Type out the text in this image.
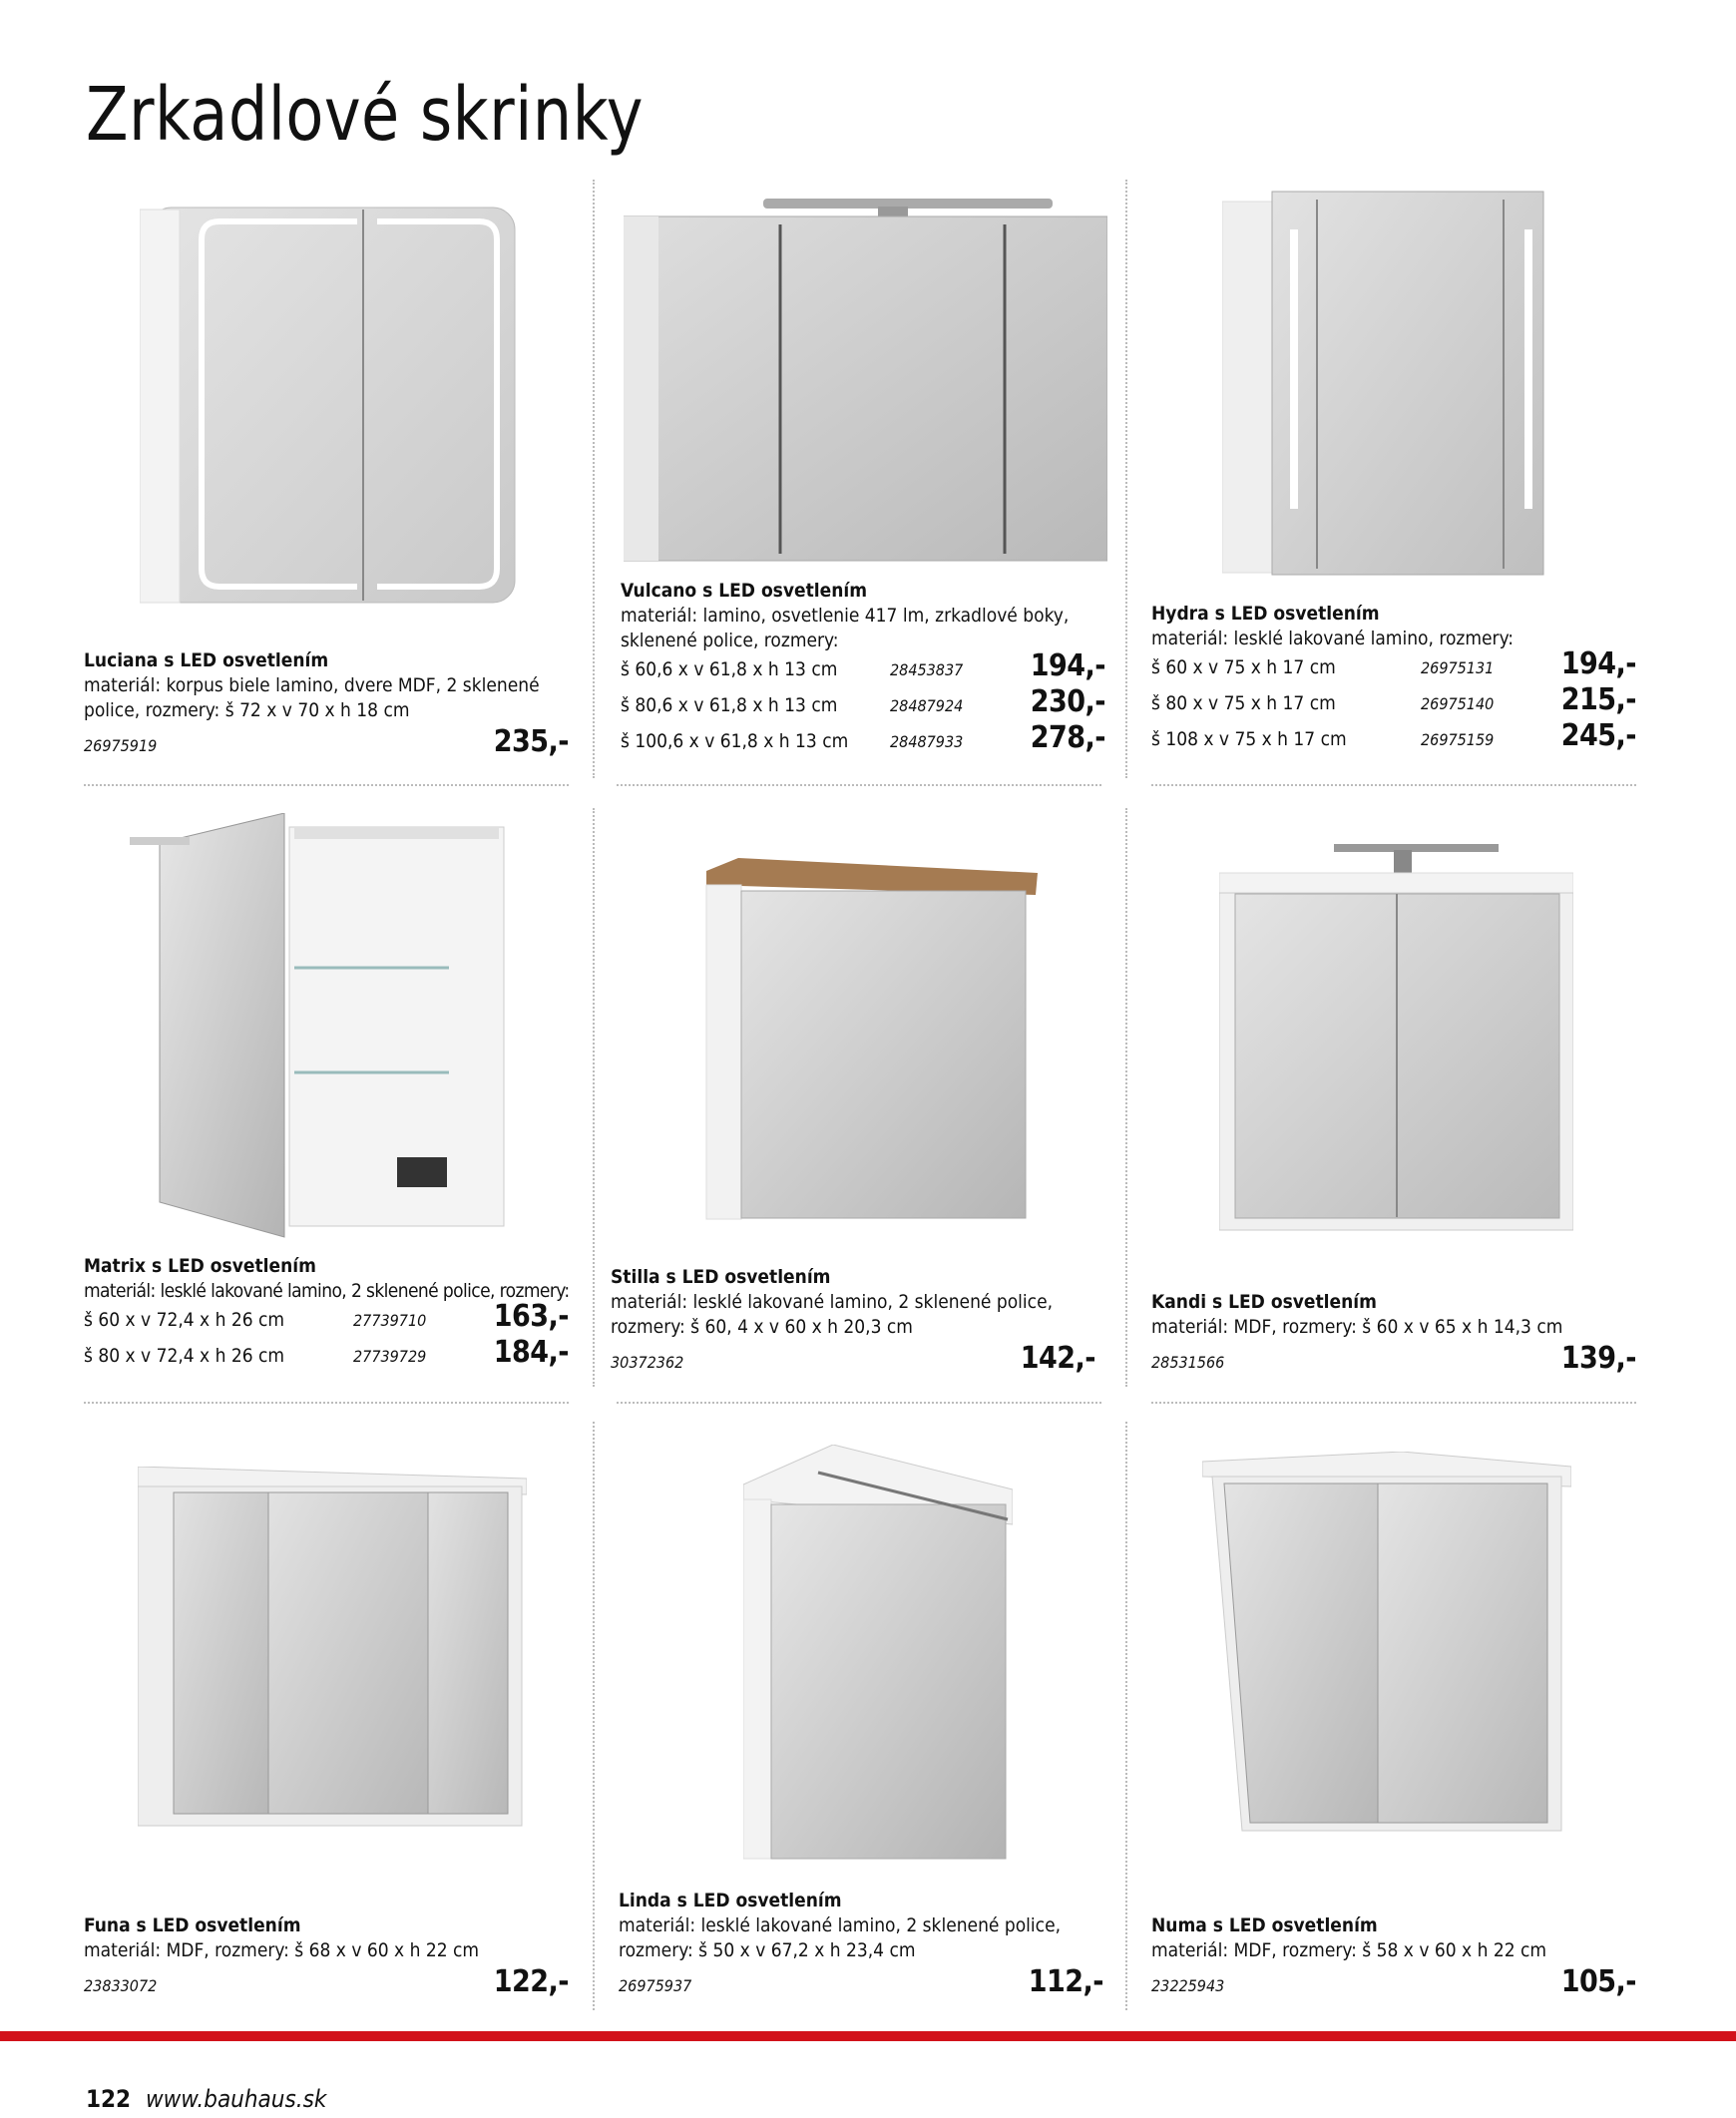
Zrkadlové skrinky
Luciana s LED osvetlením
materiál: korpus biele lamino, dvere MDF, 2 sklenené police, rozmery: š 72 x v 70 x h 18 cm
26975919	235 ,-
Vulcano s LED osvetlením
materiál: lamino, osvetlenie 417 lm, zrkadlové boky, sklenené police, rozmery:
š 60,6 x v 61,8 x h 13 cm	28453837	194 ,-
š 80,6 x v 61,8 x h 13 cm	28487924	230 ,-
š 100,6 x v 61,8 x h 13 cm	28487933	278 ,-
Hydra s LED osvetlením
materiál: lesklé lakované lamino, rozmery:
š 60 x v 75 x h 17 cm	26975131	194 ,-
š 80 x v 75 x h 17 cm	26975140	215 ,-
š 108 x v 75 x h 17 cm	26975159	245 ,-
Matrix s LED osvetlením
materiál: lesklé lakované lamino, 2 sklenené police, rozmery:
š 60 x v 72,4 x h 26 cm	27739710	163 ,-
š 80 x v 72,4 x h 26 cm	27739729	184 ,-
Stilla s LED osvetlením
materiál: lesklé lakované lamino, 2 sklenené police, rozmery: š 60, 4 x v 60 x h 20,3 cm
30372362	142 ,-
Kandi s LED osvetlením
materiál: MDF, rozmery: š 60 x v 65 x h 14,3 cm
28531566	139 ,-
Funa s LED osvetlením
materiál: MDF, rozmery: š 68 x v 60 x h 22 cm
23833072	122 ,-
Linda s LED osvetlením
materiál: lesklé lakované lamino, 2 sklenené police, rozmery: š 50 x v 67,2 x h 23,4 cm
26975937	112 ,-
Numa s LED osvetlením
materiál: MDF, rozmery: š 58 x v 60 x h 22 cm
23225943	105 ,-
122 www.bauhaus.sk
